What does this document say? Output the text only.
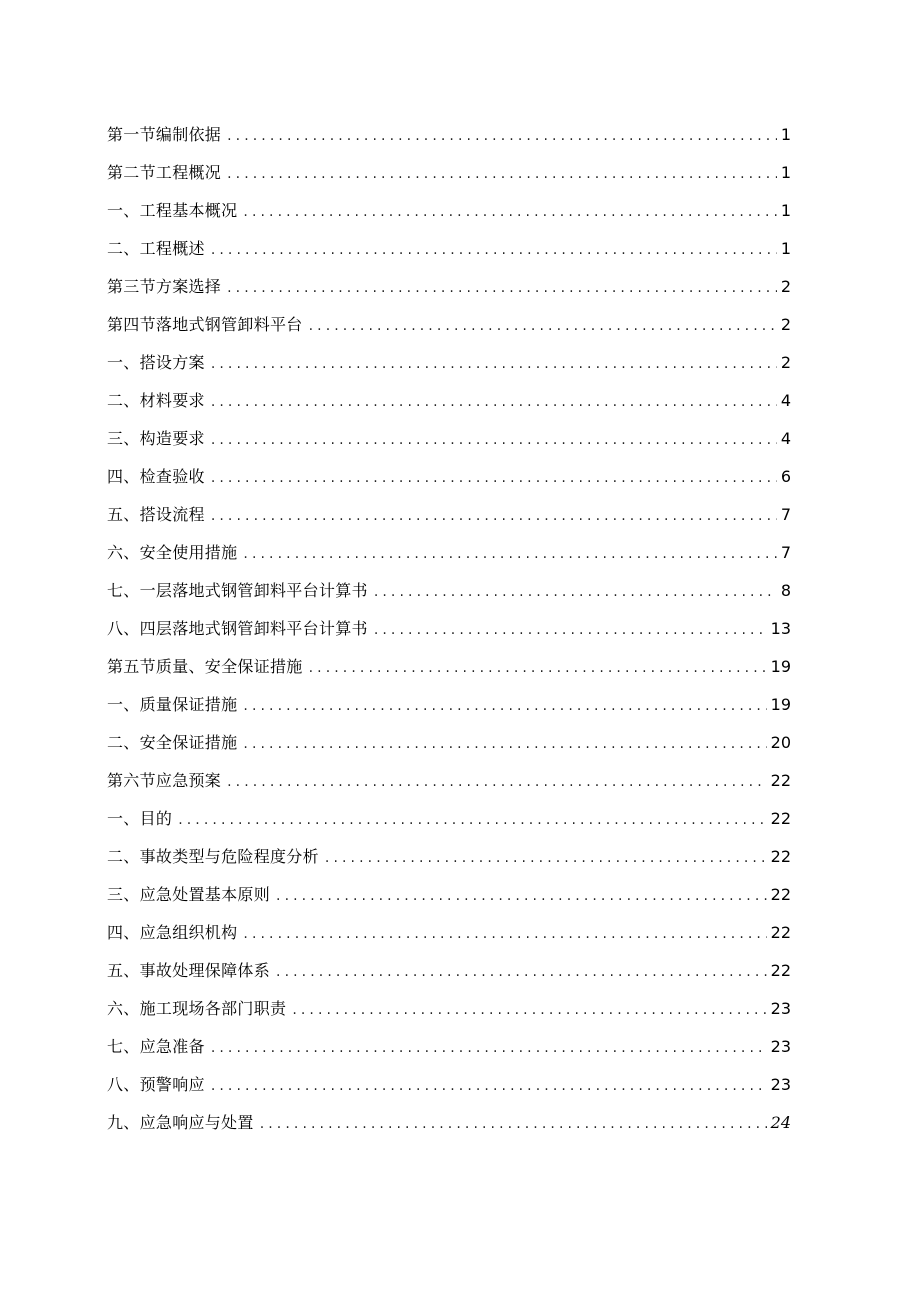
第一节编制依据 .....	1
第二节工程概况 .....	1
一、工程基本概况 .....	1
二、工程概述 .....	1
第三节方案选择 .....	2
第四节落地式钢管卸料平台 .....	2
一、搭设方案 .....	2
二、材料要求 .....	4
三、构造要求 .....	4
四、检查验收 .....	6
五、搭设流程 .....	7
六、安全使用措施 .....	7
七、一层落地式钢管卸料平台计算书 .....	8
八、四层落地式钢管卸料平台计算书 .....	13
第五节质量、安全保证措施 .....	19
一、质量保证措施 .....	19
二、安全保证措施 .....	20
第六节应急预案 .....	22
一、目的 .....	22
二、事故类型与危险程度分析 .....	22
三、应急处置基本原则 .....	22
四、应急组织机构 .....	22
五、事故处理保障体系 .....	22
六、施工现场各部门职责 .....	23
七、应急准备 .....	23
八、预警响应 .....	23
九、应急响应与处置 .....	24
